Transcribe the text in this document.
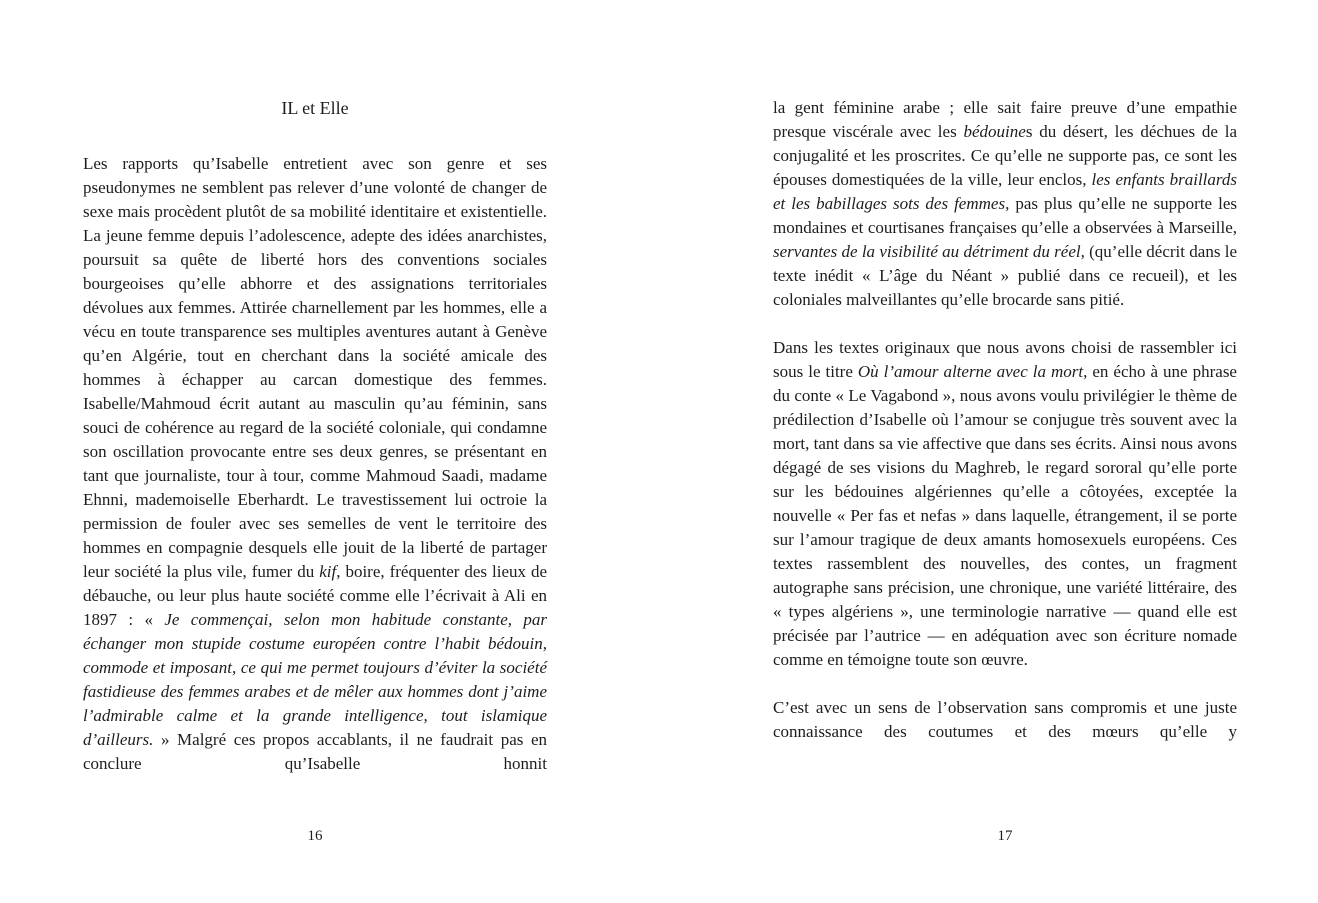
IL et Elle

Les rapports qu’Isabelle entretient avec son genre et ses pseudonymes ne semblent pas relever d’une volonté de changer de sexe mais procèdent plutôt de sa mobilité identitaire et existentielle. La jeune femme depuis l’adolescence, adepte des idées anarchistes, poursuit sa quête de liberté hors des conventions sociales bourgeoises qu’elle abhorre et des assignations territoriales dévolues aux femmes. Attirée charnellement par les hommes, elle a vécu en toute transparence ses multiples aventures autant à Genève qu’en Algérie, tout en cherchant dans la société amicale des hommes à échapper au carcan domestique des femmes. Isabelle/Mahmoud écrit autant au masculin qu’au féminin, sans souci de cohérence au regard de la société coloniale, qui condamne son oscillation provocante entre ses deux genres, se présentant en tant que journaliste, tour à tour, comme Mahmoud Saadi, madame Ehnni, mademoiselle Eberhardt. Le travestissement lui octroie la permission de fouler avec ses semelles de vent le territoire des hommes en compagnie desquels elle jouit de la liberté de partager leur société la plus vile, fumer du kif, boire, fréquenter des lieux de débauche, ou leur plus haute société comme elle l’écrivait à Ali en 1897 : « Je commençai, selon mon habitude constante, par échanger mon stupide costume européen contre l’habit bédouin, commode et imposant, ce qui me permet toujours d’éviter la société fastidieuse des femmes arabes et de mêler aux hommes dont j’aime l’admirable calme et la grande intelligence, tout islamique d’ailleurs. » Malgré ces propos accablants, il ne faudrait pas en conclure qu’Isabelle honnit

la gent féminine arabe ; elle sait faire preuve d’une empathie presque viscérale avec les bédouines du désert, les déchues de la conjugalité et les proscrites. Ce qu’elle ne supporte pas, ce sont les épouses domestiquées de la ville, leur enclos, les enfants braillards et les babillages sots des femmes, pas plus qu’elle ne supporte les mondaines et courtisanes françaises qu’elle a observées à Marseille, servantes de la visibilité au détriment du réel, (qu’elle décrit dans le texte inédit « L’âge du Néant » publié dans ce recueil), et les coloniales malveillantes qu’elle brocarde sans pitié.

Dans les textes originaux que nous avons choisi de rassembler ici sous le titre Où l’amour alterne avec la mort, en écho à une phrase du conte « Le Vagabond », nous avons voulu privilégier le thème de prédilection d’Isabelle où l’amour se conjugue très souvent avec la mort, tant dans sa vie affective que dans ses écrits. Ainsi nous avons dégagé de ses visions du Maghreb, le regard sororal qu’elle porte sur les bédouines algériennes qu’elle a côtoyées, exceptée la nouvelle « Per fas et nefas » dans laquelle, étrangement, il se porte sur l’amour tragique de deux amants homosexuels européens. Ces textes rassemblent des nouvelles, des contes, un fragment autographe sans précision, une chronique, une variété littéraire, des « types algériens », une terminologie narrative — quand elle est précisée par l’autrice — en adéquation avec son écriture nomade comme en témoigne toute son œuvre.

C’est avec un sens de l’observation sans compromis et une juste connaissance des coutumes et des mœurs qu’elle y

16	17
